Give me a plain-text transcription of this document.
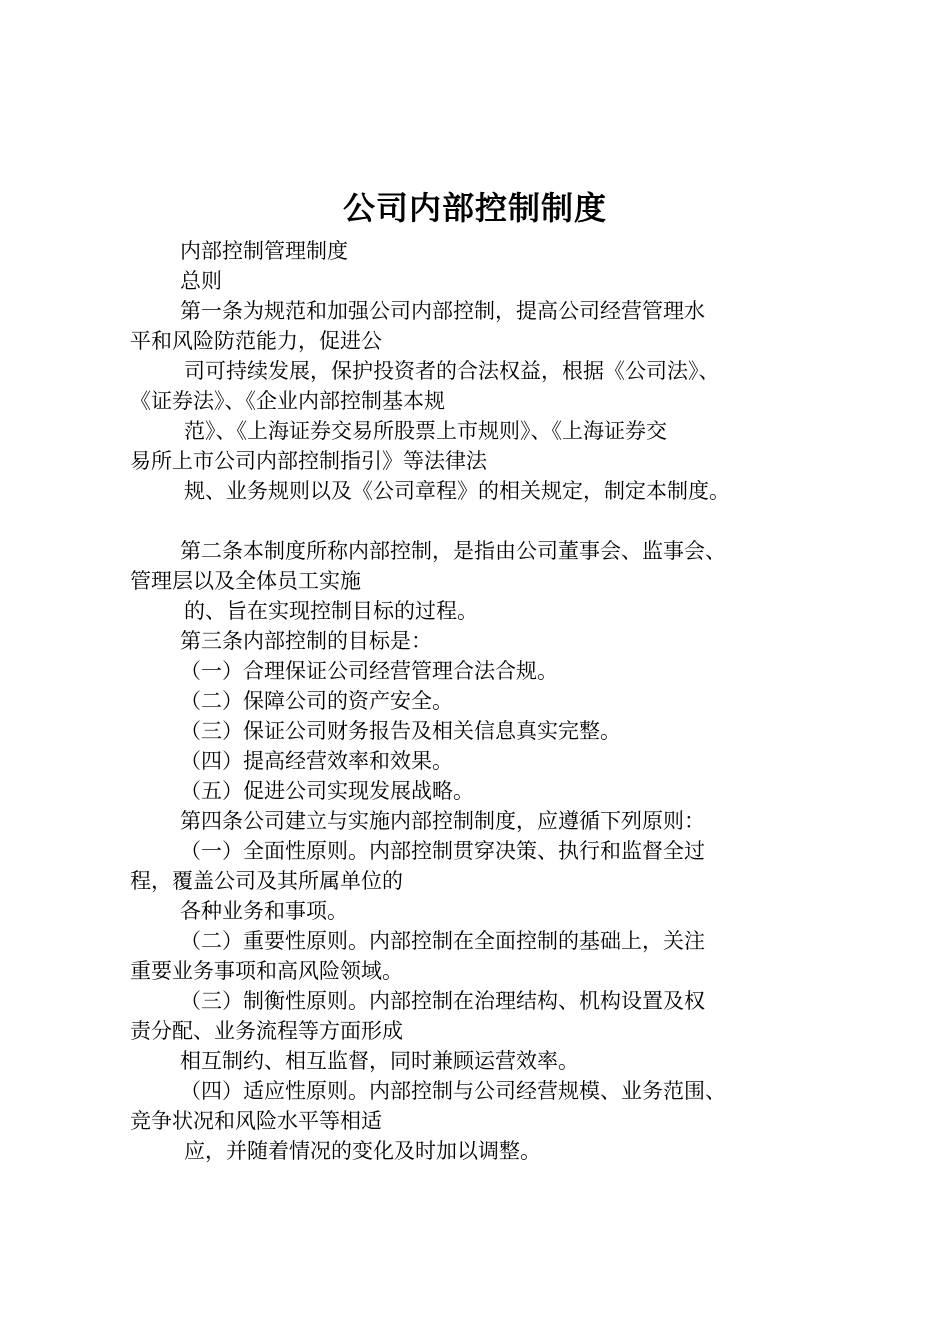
公司内部控制制度
内部控制管理制度
总则
第一条为规范和加强公司内部控制，提高公司经营管理水
平和风险防范能力，促进公
司可持续发展，保护投资者的合法权益，根据《公司法》、
《证券法》、《企业内部控制基本规
范》、《上海证券交易所股票上市规则》、《上海证券交
易所上市公司内部控制指引》等法律法
规、业务规则以及《公司章程》的相关规定，制定本制度。
第二条本制度所称内部控制，是指由公司董事会、监事会、
管理层以及全体员工实施
的、旨在实现控制目标的过程。
第三条内部控制的目标是：
（一）合理保证公司经营管理合法合规。
（二）保障公司的资产安全。
（三）保证公司财务报告及相关信息真实完整。
（四）提高经营效率和效果。
（五）促进公司实现发展战略。
第四条公司建立与实施内部控制制度，应遵循下列原则：
（一）全面性原则。内部控制贯穿决策、执行和监督全过
程，覆盖公司及其所属单位的
各种业务和事项。
（二）重要性原则。内部控制在全面控制的基础上，关注
重要业务事项和高风险领域。
（三）制衡性原则。内部控制在治理结构、机构设置及权
责分配、业务流程等方面形成
相互制约、相互监督，同时兼顾运营效率。
（四）适应性原则。内部控制与公司经营规模、业务范围、
竞争状况和风险水平等相适
应，并随着情况的变化及时加以调整。
